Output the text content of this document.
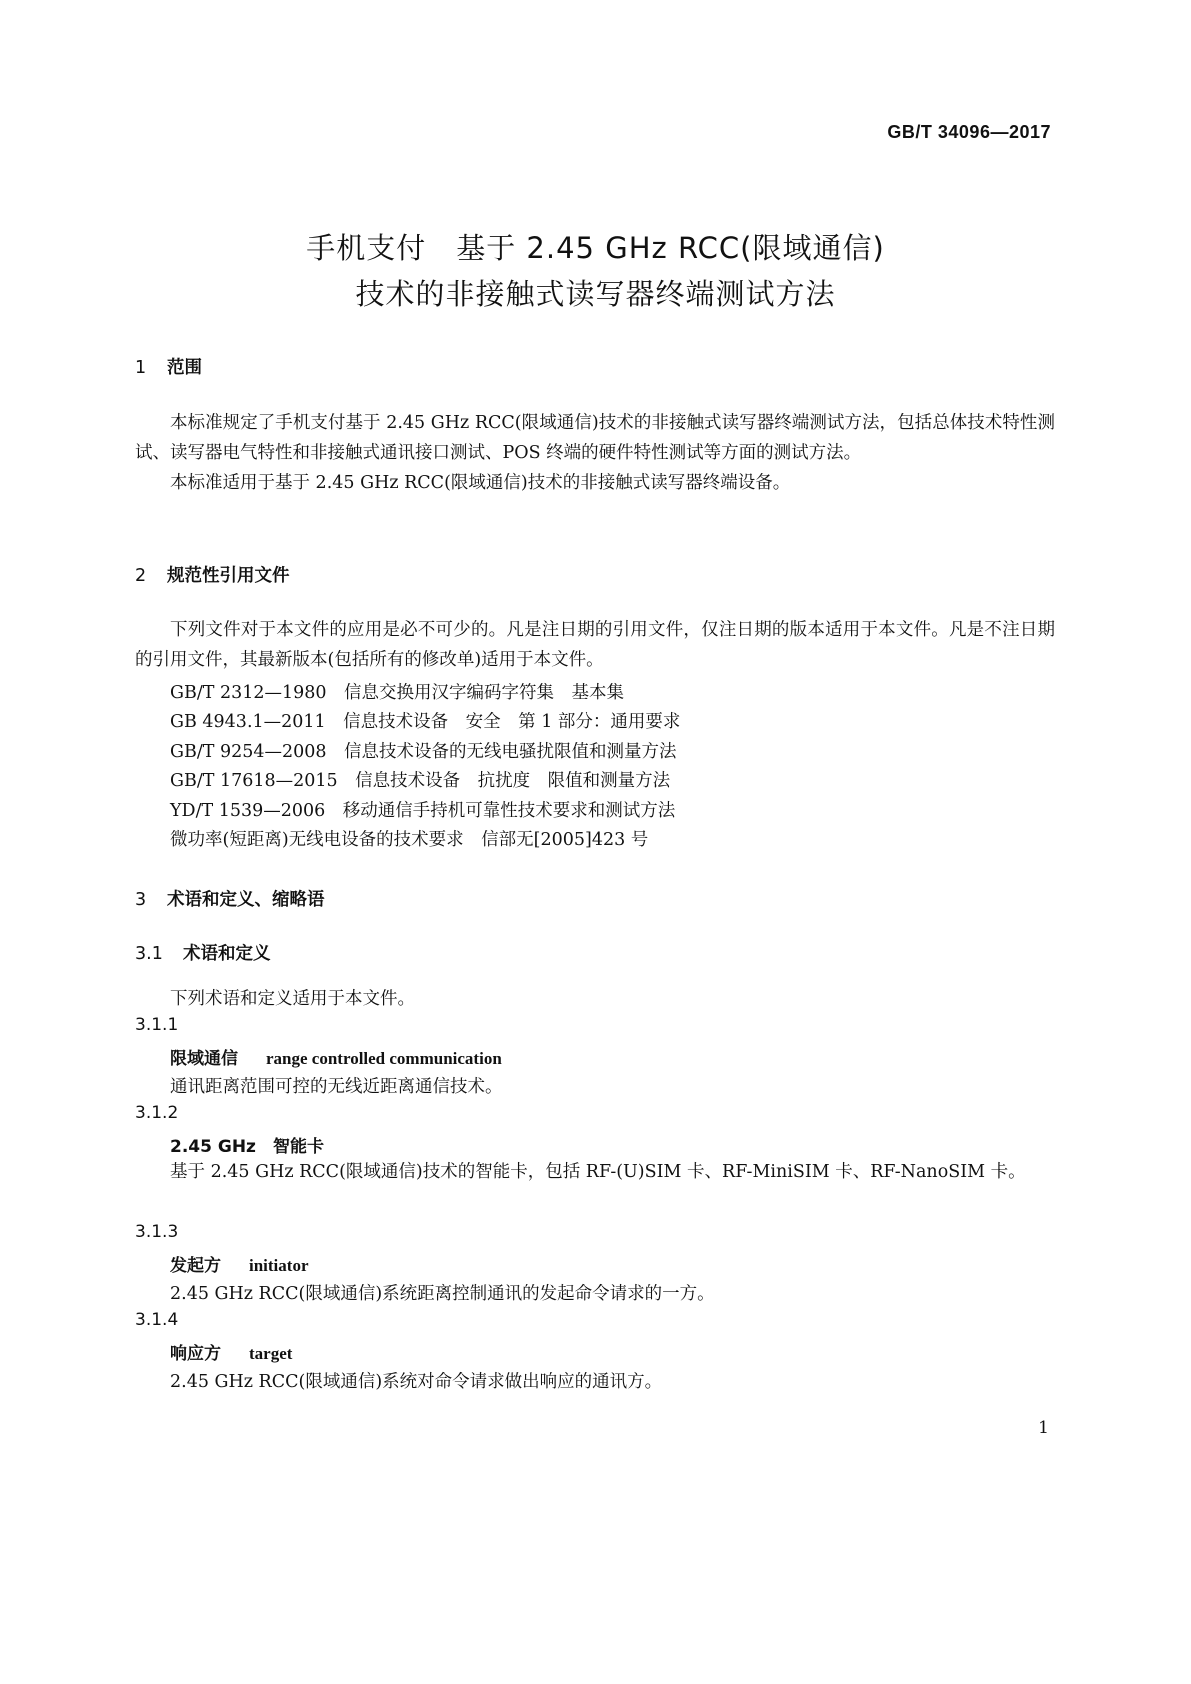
GB/T 34096—2017
手机支付　基于 2.45 GHz RCC(限域通信)
技术的非接触式读写器终端测试方法
1 范围

本标准规定了手机支付基于 2.45 GHz RCC(限域通信)技术的非接触式读写器终端测试方法，包括总体技术特性测试、读写器电气特性和非接触式通讯接口测试、POS 终端的硬件特性测试等方面的测试方法。

本标准适用于基于 2.45 GHz RCC(限域通信)技术的非接触式读写器终端设备。

2 规范性引用文件

下列文件对于本文件的应用是必不可少的。凡是注日期的引用文件，仅注日期的版本适用于本文件。凡是不注日期的引用文件，其最新版本(包括所有的修改单)适用于本文件。

GB/T 2312—1980　信息交换用汉字编码字符集　基本集
GB 4943.1—2011　信息技术设备　安全　第 1 部分：通用要求
GB/T 9254—2008　信息技术设备的无线电骚扰限值和测量方法
GB/T 17618—2015　信息技术设备　抗扰度　限值和测量方法
YD/T 1539—2006　移动通信手持机可靠性技术要求和测试方法
微功率(短距离)无线电设备的技术要求　信部无[2005]423 号
3 术语和定义、缩略语
3.1 术语和定义
下列术语和定义适用于本文件。
3.1.1
限域通信 range controlled communication
通讯距离范围可控的无线近距离通信技术。
3.1.2
2.45 GHz　智能卡

基于 2.45 GHz RCC(限域通信)技术的智能卡，包括 RF-(U)SIM 卡、RF-MiniSIM 卡、RF-NanoSIM 卡。

3.1.3
发起方 initiator
2.45 GHz RCC(限域通信)系统距离控制通讯的发起命令请求的一方。
3.1.4
响应方 target
2.45 GHz RCC(限域通信)系统对命令请求做出响应的通讯方。
1
